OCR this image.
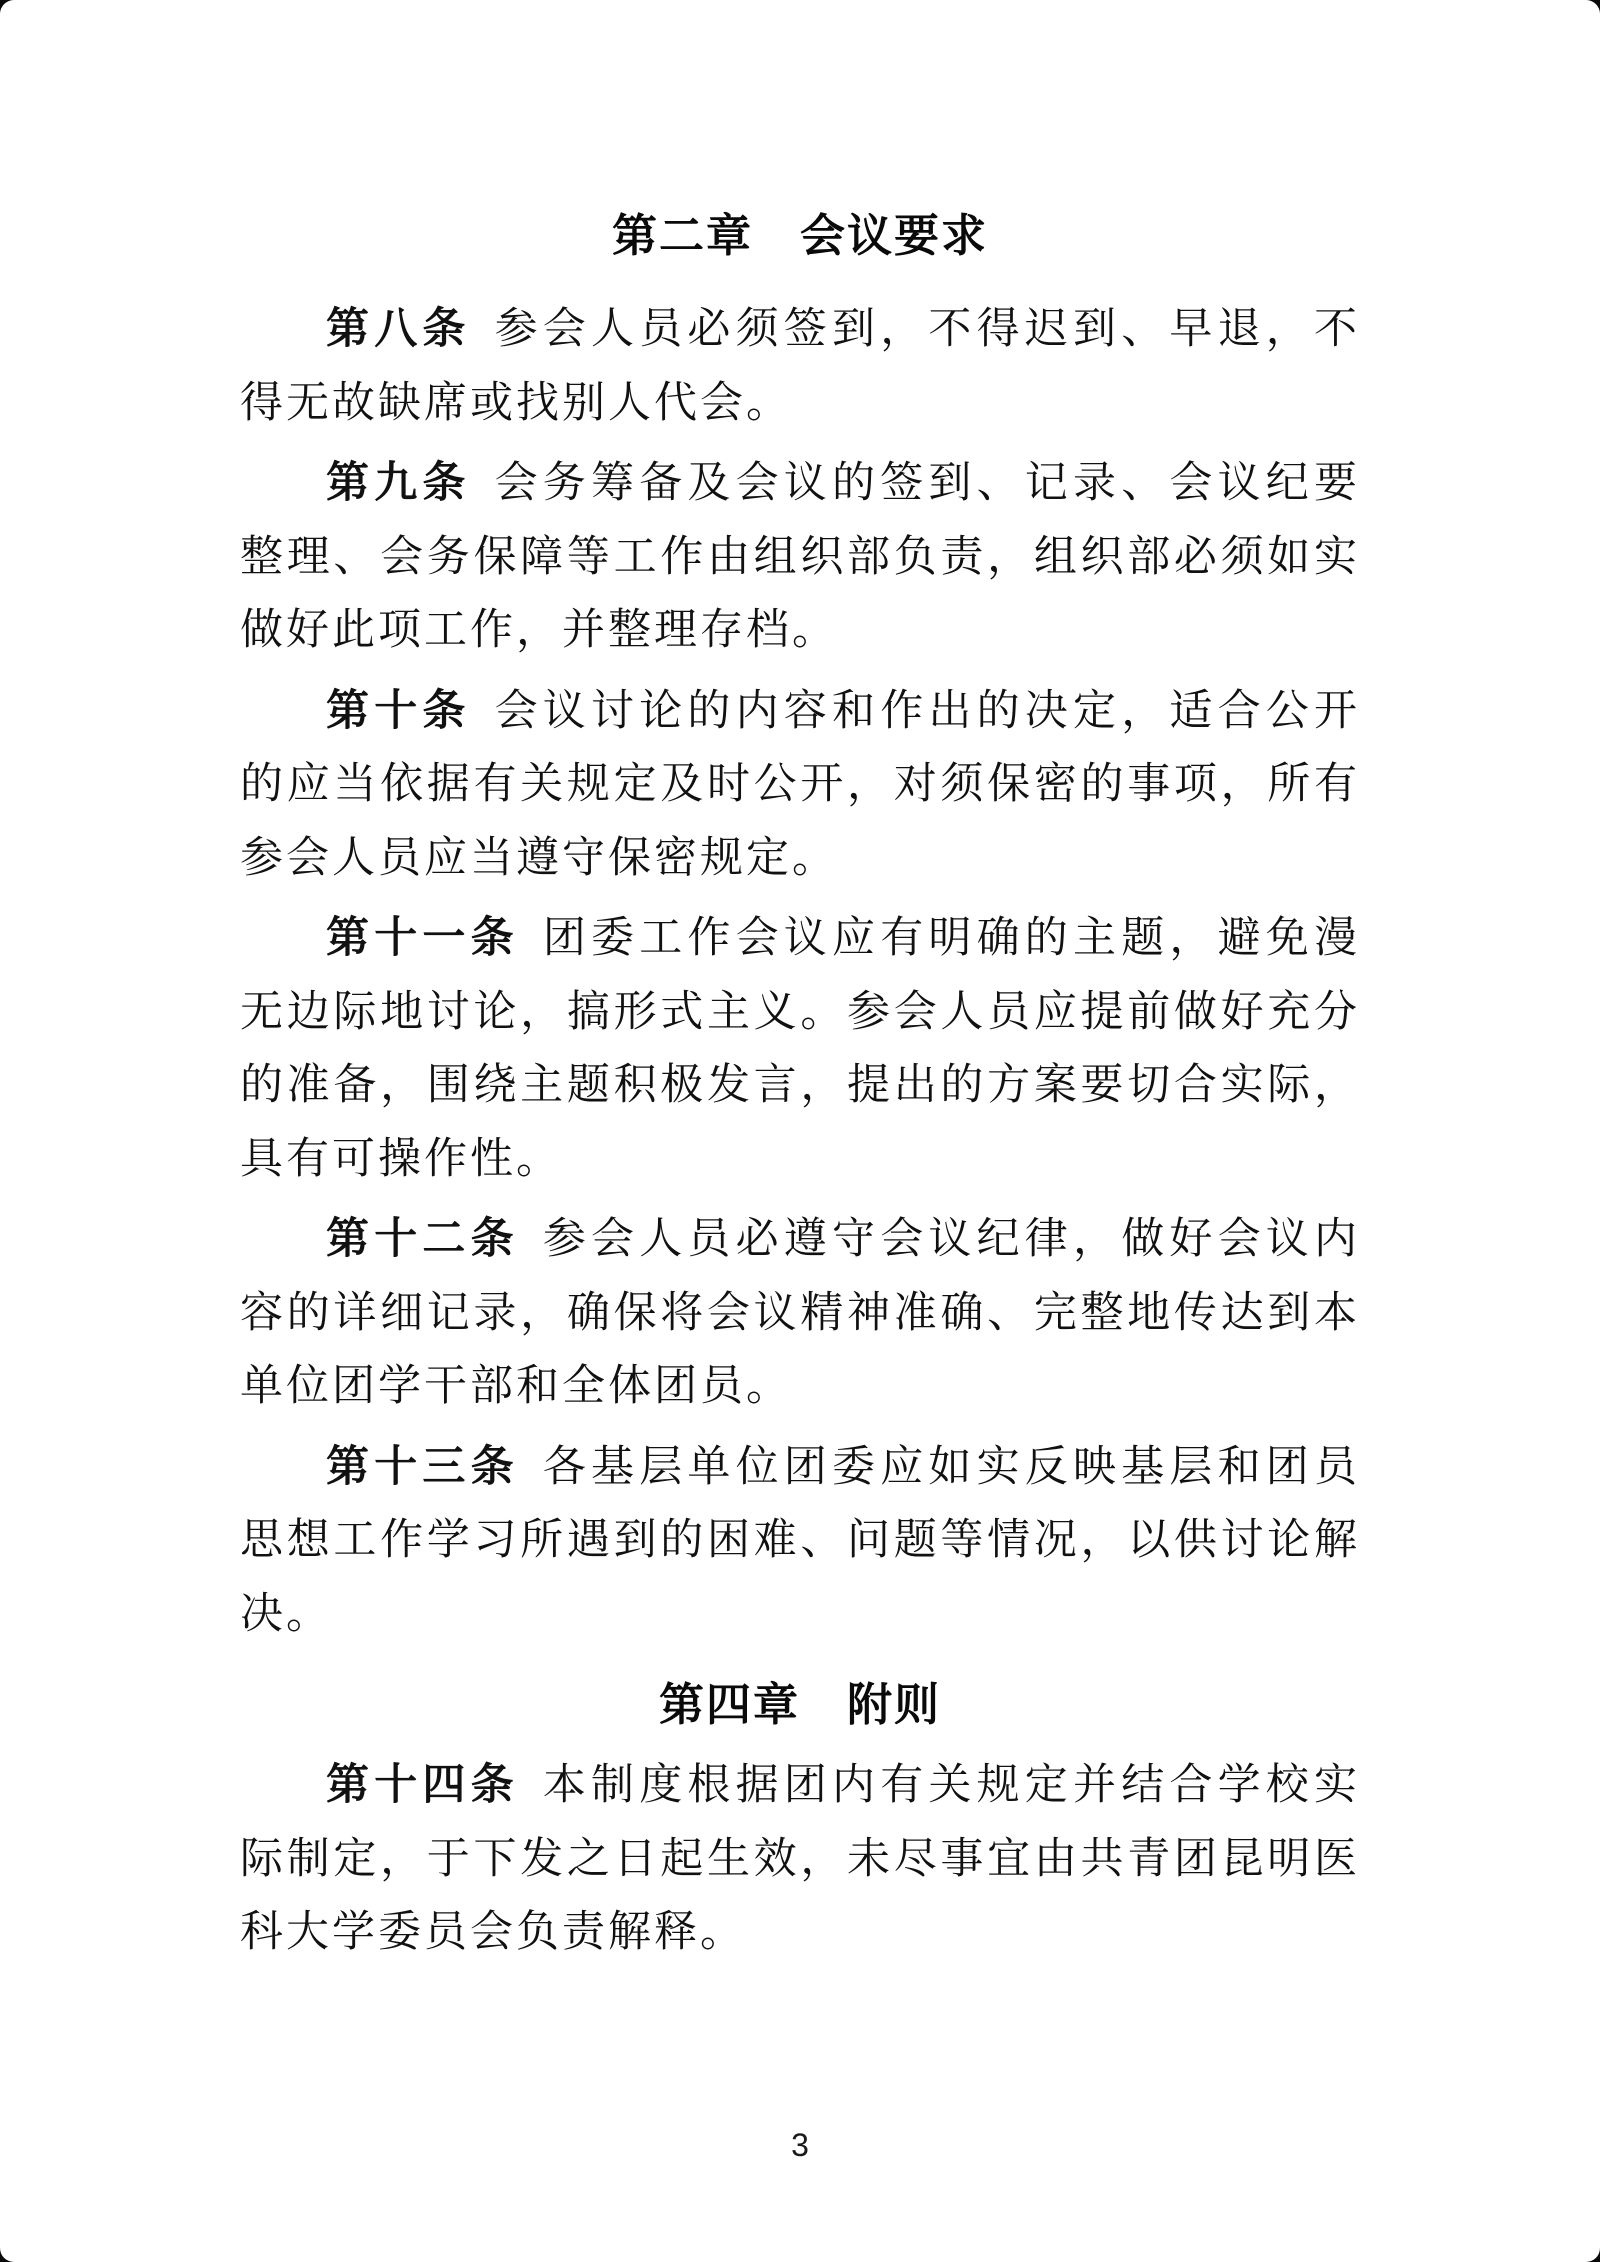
第二章　会议要求

第八条 参会人员必须签到，不得迟到、早退，不得无故缺席或找别人代会。

第九条 会务筹备及会议的签到、记录、会议纪要整理、会务保障等工作由组织部负责，组织部必须如实做好此项工作，并整理存档。

第十条 会议讨论的内容和作出的决定，适合公开的应当依据有关规定及时公开，对须保密的事项，所有参会人员应当遵守保密规定。

第十一条 团委工作会议应有明确的主题，避免漫无边际地讨论，搞形式主义。参会人员应提前做好充分的准备，围绕主题积极发言，提出的方案要切合实际，具有可操作性。

第十二条 参会人员必遵守会议纪律，做好会议内容的详细记录，确保将会议精神准确、完整地传达到本单位团学干部和全体团员。

第十三条 各基层单位团委应如实反映基层和团员思想工作学习所遇到的困难、问题等情况，以供讨论解决。

第四章　附则

第十四条 本制度根据团内有关规定并结合学校实际制定，于下发之日起生效，未尽事宜由共青团昆明医科大学委员会负责解释。

3
